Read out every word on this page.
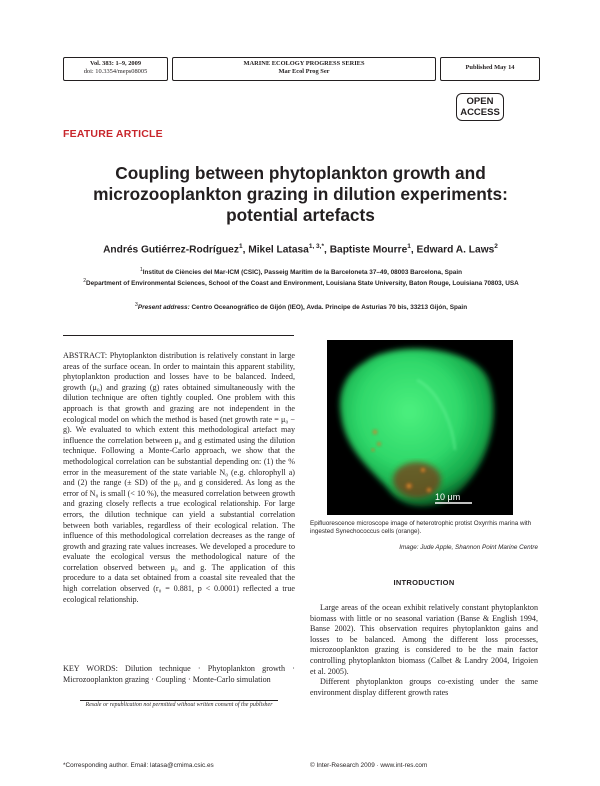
Vol. 383: 1–9, 2009
doi: 10.3354/meps08005
MARINE ECOLOGY PROGRESS SERIES
Mar Ecol Prog Ser
Published May 14
OPEN
ACCESS
FEATURE ARTICLE
Coupling between phytoplankton growth and microzooplankton grazing in dilution experiments: potential artefacts
Andrés Gutiérrez-Rodríguez$^1$, Mikel Latasa$^{1, 3,*}$, Baptiste Mourre$^1$, Edward A. Laws$^2$
$^1$Institut de Ciències del Mar-ICM (CSIC), Passeig Marítim de la Barceloneta 37–49, 08003 Barcelona, Spain
$^2$Department of Environmental Sciences, School of the Coast and Environment, Louisiana State University, Baton Rouge, Louisiana 70803, USA
$^3$Present address: Centro Oceanográfico de Gijón (IEO), Avda. Principe de Asturias 70 bis, 33213 Gijón, Spain

ABSTRACT: Phytoplankton distribution is relatively constant in large areas of the surface ocean. In order to maintain this apparent stability, phytoplankton production and losses have to be balanced. Indeed, growth (μ₀) and grazing (g) rates obtained simultaneously with the dilution technique are often tightly coupled. One problem with this approach is that growth and grazing are not independent in the ecological model on which the method is based (net growth rate = μ₀ − g). We evaluated to which extent this methodological artefact may influence the correlation between μ₀ and g estimated using the dilution technique. Following a Monte-Carlo approach, we show that the methodological correlation can be substantial depending on: (1) the % error in the measurement of the state variable N₀ (e.g. chlorophyll a) and (2) the range (± SD) of the μ₀ and g considered. As long as the error of N₀ is small (< 10 %), the measured correlation between growth and grazing closely reflects a true ecological relationship. For large errors, the dilution technique can yield a substantial correlation between both variables, regardless of their ecological relation. The influence of this methodological correlation decreases as the range of growth and grazing rate values increases. We developed a procedure to evaluate the ecological versus the methodological nature of the correlation observed between μ₀ and g. The application of this procedure to a data set obtained from a coastal site revealed that the high correlation observed (r₀ = 0.881, p < 0.0001) reflected a true ecological relationship.

KEY WORDS: Dilution technique · Phytoplankton growth · Microzooplankton grazing · Coupling · Monte-Carlo simulation

Resale or republication not permitted without written consent of the publisher
10 μm
Epifluorescence microscope image of heterotrophic protist Oxyrrhis marina with ingested Synechococcus cells (orange).
Image: Jude Apple, Shannon Point Marine Centre
INTRODUCTION

Large areas of the ocean exhibit relatively constant phytoplankton biomass with little or no seasonal variation (Banse & English 1994, Banse 2002). This observation requires phytoplankton gains and losses to be balanced. Among the different loss processes, microzooplankton grazing is considered to be the main factor controlling phytoplankton biomass (Calbet & Landry 2004, Irigoien et al. 2005).

Different phytoplankton groups co-existing under the same environment display different growth rates

*Corresponding author. Email: latasa@cmima.csic.es	© Inter-Research 2009 · www.int-res.com
